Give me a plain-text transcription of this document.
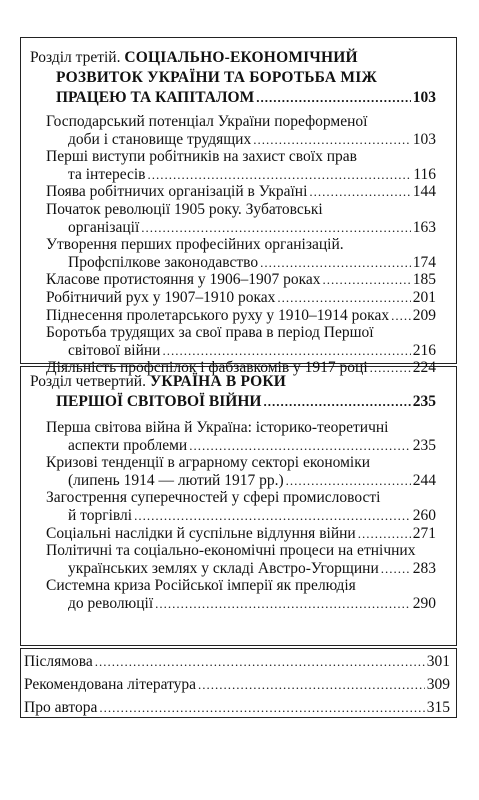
Розділ третій. СОЦІАЛЬНО-ЕКОНОМІЧНИЙ
РОЗВИТОК УКРАЇНИ ТА БОРОТЬБА МІЖ
ПРАЦЕЮ ТА КАПІТАЛОМ .....	103
Господарський потенціал України пореформеної
доби і становище трудящих .....	103
Перші виступи робітників на захист своїх прав
та інтересів .....	116
Поява робітничих організацій в Україні .....	144
Початок революції 1905 року. Зубатовські
організації .....	163
Утворення перших професійних організацій.
Профспілкове законодавство .....	174
Класове протистояння у 1906–1907 роках .....	185
Робітничий рух у 1907–1910 роках .....	201
Піднесення пролетарського руху у 1910–1914 роках ..... 209
Боротьба трудящих за свої права в період Першої
світової війни .....	216
Діяльність профспілок і фабзавкомів у 1917 році .....	224
Розділ четвертий. УКРАЇНА В РОКИ
ПЕРШОЇ СВІТОВОЇ ВІЙНИ .....	235
Перша світова війна й Україна: історико-теоретичні
аспекти проблеми .....	235
Кризові тенденції в аграрному секторі економіки
(липень 1914 — лютий 1917 рр.) .....	244
Загострення суперечностей у сфері промисловості
й торгівлі .....	260
Соціальні наслідки й суспільне відлуння війни .....	271
Політичні та соціально-економічні процеси на етнічних
українських землях у складі Австро-Угорщини ..... 283
Системна криза Російської імперії як прелюдія
до революції .....	290
Післямова .....	301
Рекомендована література .....	309
Про автора .....	315
